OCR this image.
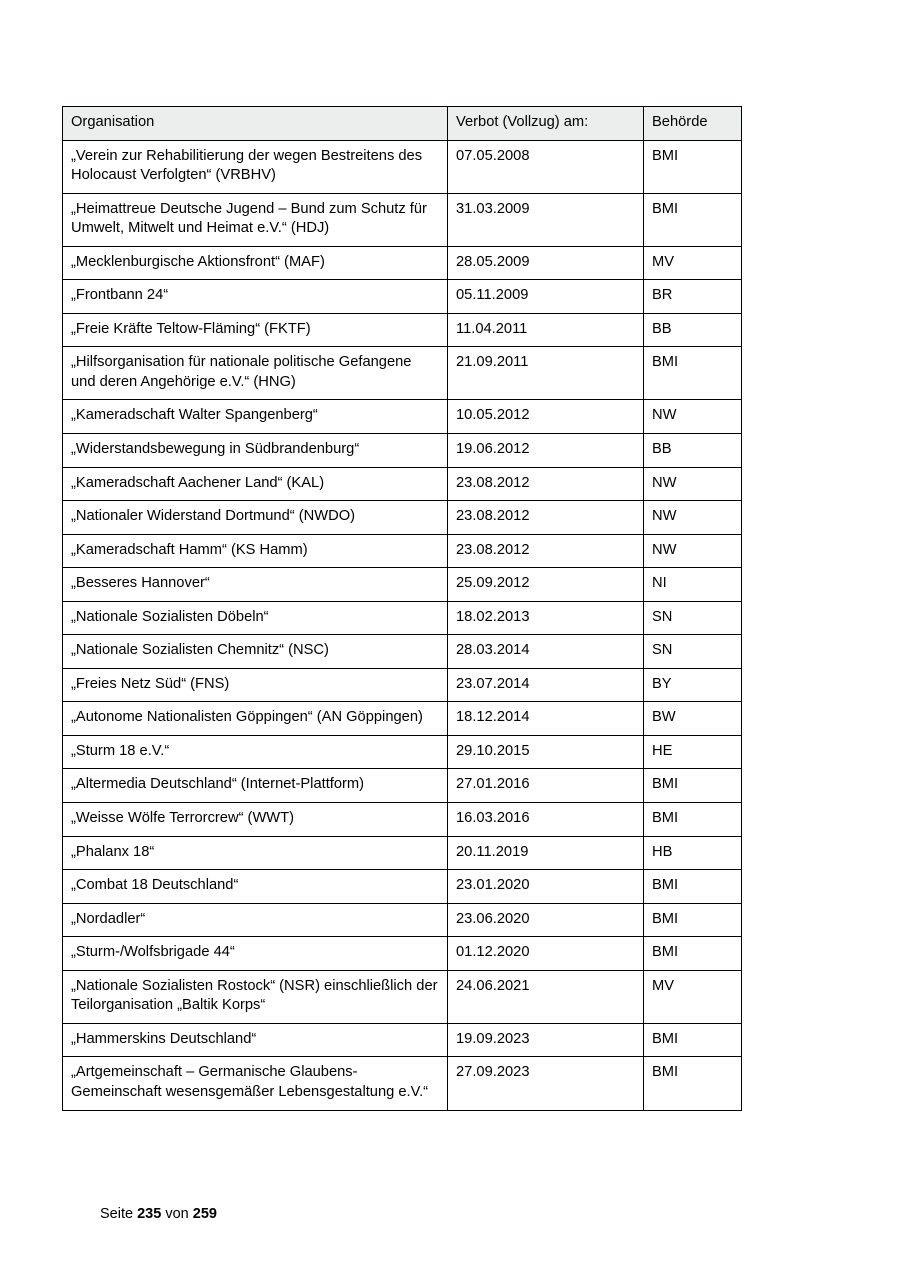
Organisation	Verbot (Vollzug) am:	Behörde
„Verein zur Rehabilitierung der wegen Bestreitens des Holocaust Verfolgten“ (VRBHV)	07.05.2008	BMI
„Heimattreue Deutsche Jugend – Bund zum Schutz für Umwelt, Mitwelt und Heimat e.V.“ (HDJ)	31.03.2009	BMI
„Mecklenburgische Aktionsfront“ (MAF)	28.05.2009	MV
„Frontbann 24“	05.11.2009	BR
„Freie Kräfte Teltow-Fläming“ (FKTF)	11.04.2011	BB
„Hilfsorganisation für nationale politische Gefangene und deren Angehörige e.V.“ (HNG)	21.09.2011	BMI
„Kameradschaft Walter Spangenberg“	10.05.2012	NW
„Widerstandsbewegung in Südbrandenburg“	19.06.2012	BB
„Kameradschaft Aachener Land“ (KAL)	23.08.2012	NW
„Nationaler Widerstand Dortmund“ (NWDO)	23.08.2012	NW
„Kameradschaft Hamm“ (KS Hamm)	23.08.2012	NW
„Besseres Hannover“	25.09.2012	NI
„Nationale Sozialisten Döbeln“	18.02.2013	SN
„Nationale Sozialisten Chemnitz“ (NSC)	28.03.2014	SN
„Freies Netz Süd“ (FNS)	23.07.2014	BY
„Autonome Nationalisten Göppingen“ (AN Göppingen)	18.12.2014	BW
„Sturm 18 e.V.“	29.10.2015	HE
„Altermedia Deutschland“ (Internet-Plattform)	27.01.2016	BMI
„Weisse Wölfe Terrorcrew“ (WWT)	16.03.2016	BMI
„Phalanx 18“	20.11.2019	HB
„Combat 18 Deutschland“	23.01.2020	BMI
„Nordadler“	23.06.2020	BMI
„Sturm-/Wolfsbrigade 44“	01.12.2020	BMI
„Nationale Sozialisten Rostock“ (NSR) einschließlich der Teilorganisation „Baltik Korps“	24.06.2021	MV
„Hammerskins Deutschland“	19.09.2023	BMI
„Artgemeinschaft – Germanische Glaubens-Gemeinschaft wesensgemäßer Lebensgestaltung e.V.“	27.09.2023	BMI
Seite 235 von 259
